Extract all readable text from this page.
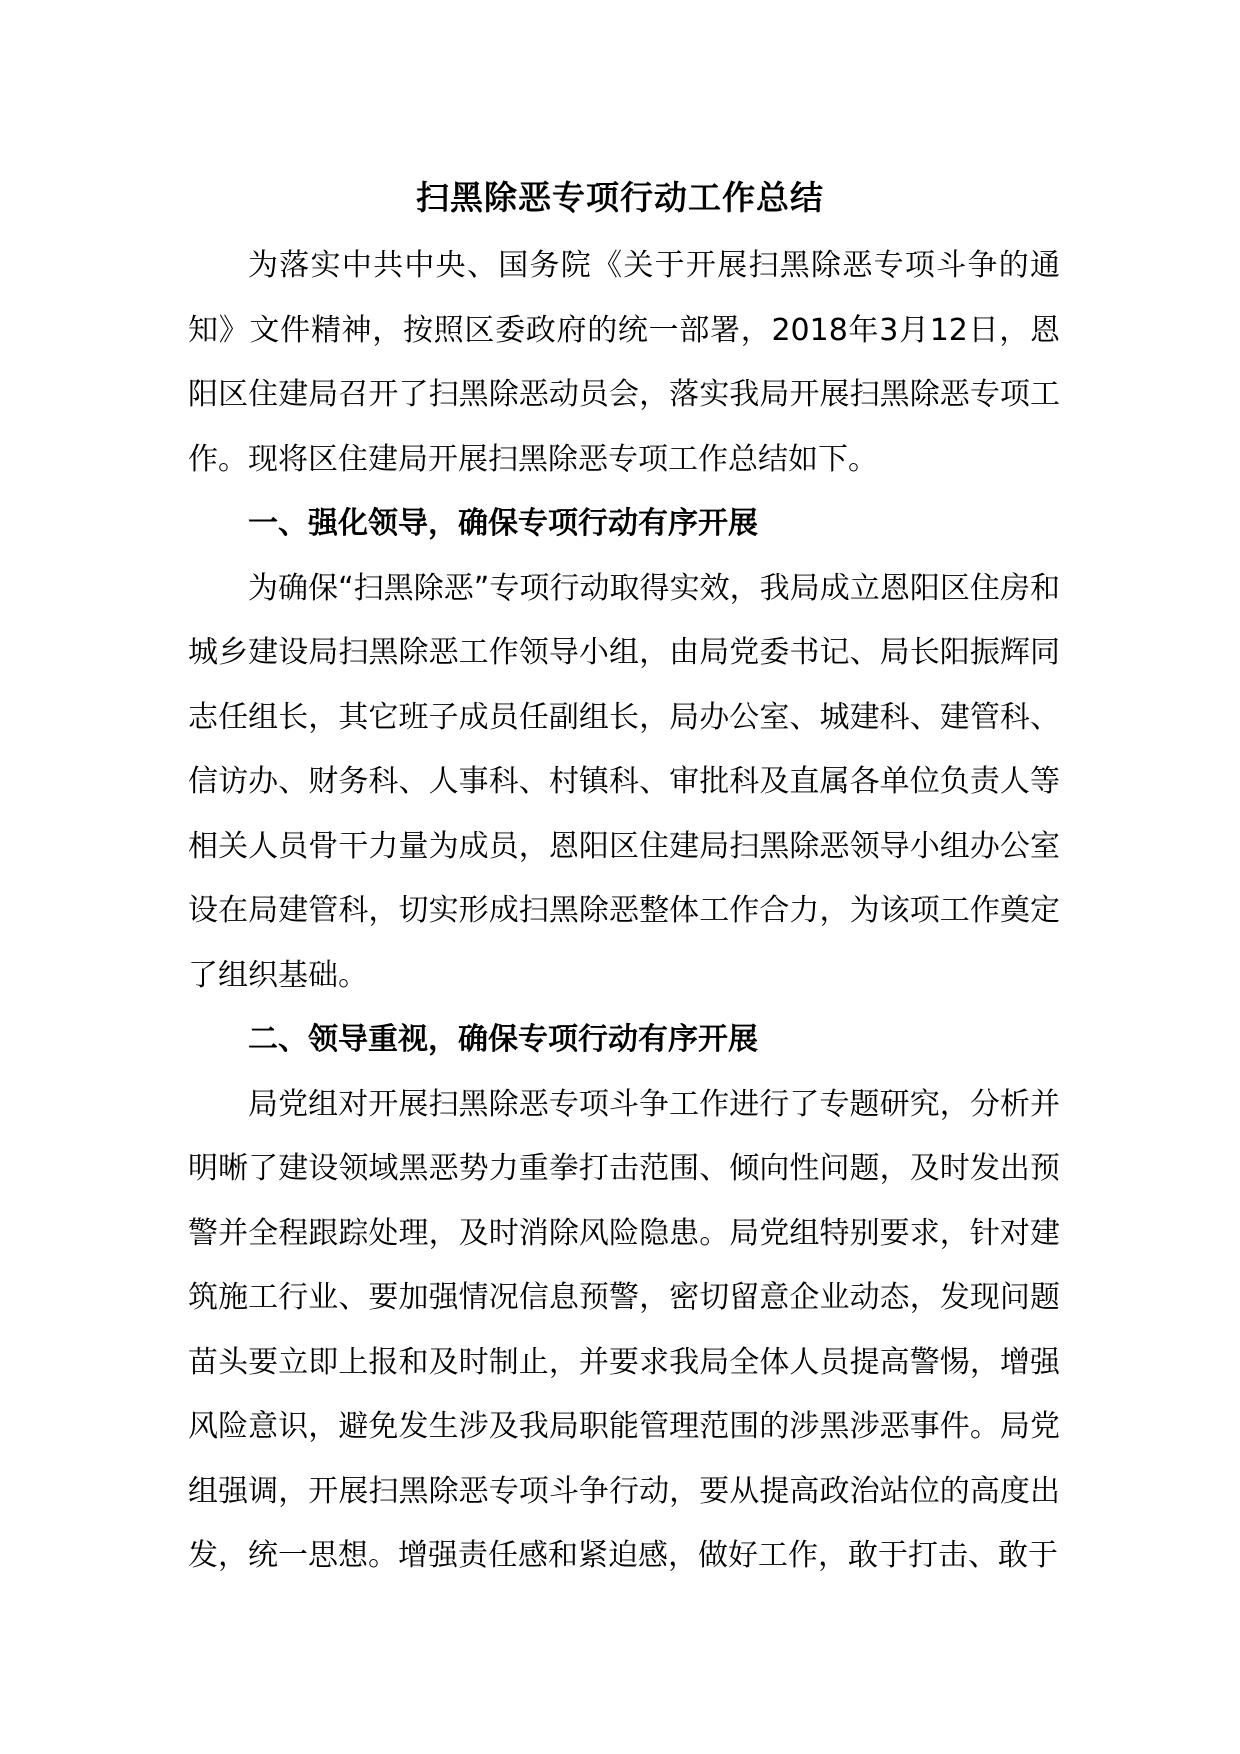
扫黑除恶专项行动工作总结

为落实中共中央、国务院《关于开展扫黑除恶专项斗争的通知》文件精神，按照区委政府的统一部署，2018年3月12日，恩阳区住建局召开了扫黑除恶动员会，落实我局开展扫黑除恶专项工作。现将区住建局开展扫黑除恶专项工作总结如下。

一、强化领导，确保专项行动有序开展

为确保“扫黑除恶”专项行动取得实效，我局成立恩阳区住房和城乡建设局扫黑除恶工作领导小组，由局党委书记、局长阳振辉同志任组长，其它班子成员任副组长，局办公室、城建科、建管科、信访办、财务科、人事科、村镇科、审批科及直属各单位负责人等相关人员骨干力量为成员，恩阳区住建局扫黑除恶领导小组办公室设在局建管科，切实形成扫黑除恶整体工作合力，为该项工作奠定了组织基础。

二、领导重视，确保专项行动有序开展

局党组对开展扫黑除恶专项斗争工作进行了专题研究，分析并明晰了建设领域黑恶势力重拳打击范围、倾向性问题，及时发出预警并全程跟踪处理，及时消除风险隐患。局党组特别要求，针对建筑施工行业、要加强情况信息预警，密切留意企业动态，发现问题苗头要立即上报和及时制止，并要求我局全体人员提高警惕，增强风险意识，避免发生涉及我局职能管理范围的涉黑涉恶事件。局党组强调，开展扫黑除恶专项斗争行动，要从提高政治站位的高度出发，统一思想。增强责任感和紧迫感，做好工作，敢于打击、敢于
